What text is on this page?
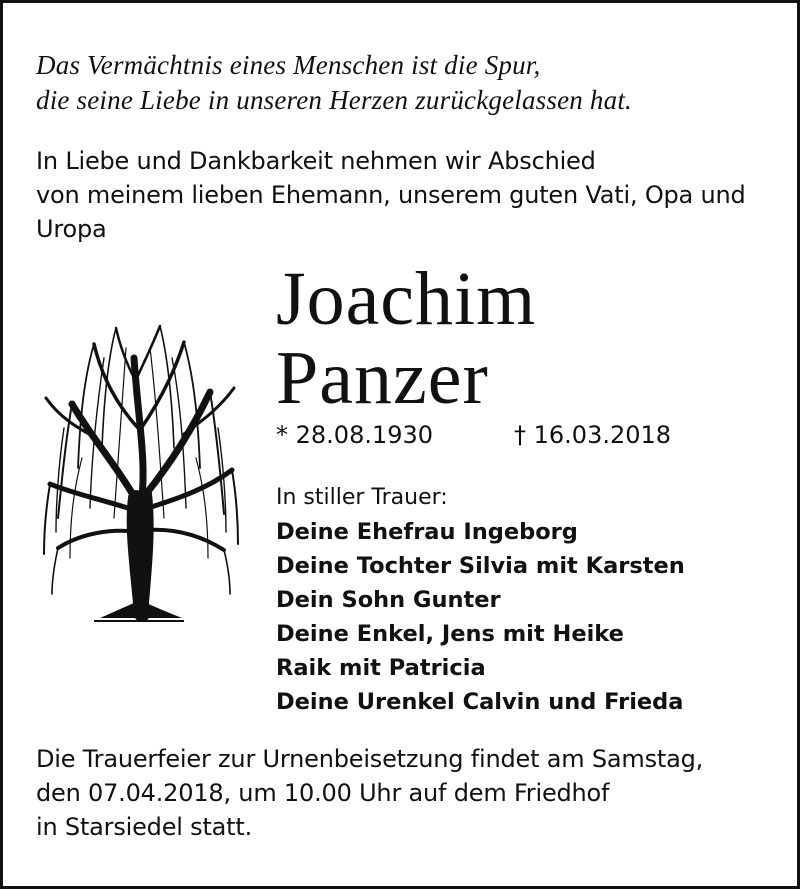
Das Vermächtnis eines Menschen ist die Spur,
die seine Liebe in unseren Herzen zurückgelassen hat.
In Liebe und Dankbarkeit nehmen wir Abschied
von meinem lieben Ehemann, unserem guten Vati, Opa und
Uropa
Joachim
Panzer
* 28.08.1930	† 16.03.2018
In stiller Trauer:
Deine Ehefrau Ingeborg
Deine Tochter Silvia mit Karsten
Dein Sohn Gunter
Deine Enkel, Jens mit Heike
Raik mit Patricia
Deine Urenkel Calvin und Frieda
Die Trauerfeier zur Urnenbeisetzung findet am Samstag,
den 07.04.2018, um 10.00 Uhr auf dem Friedhof
in Starsiedel statt.
